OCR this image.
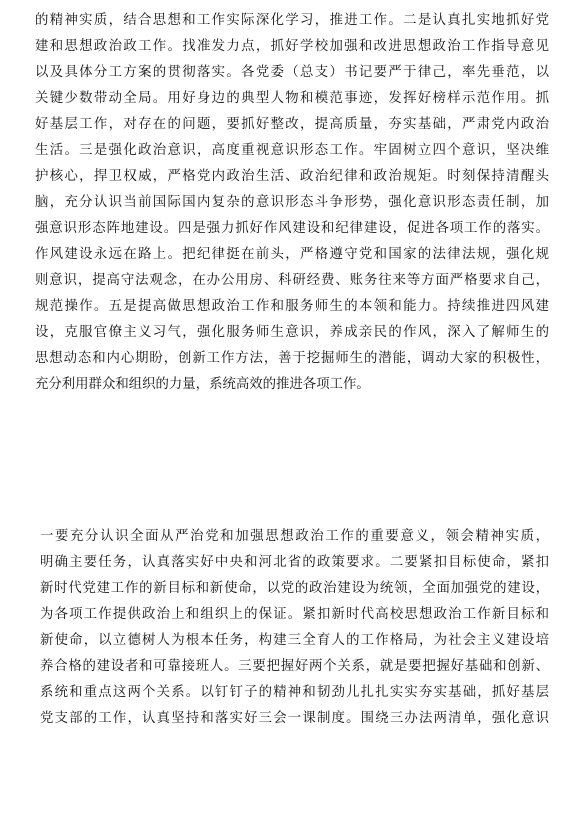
的精神实质，结合思想和工作实际深化学习，推进工作。二是认真扎实地抓好党
建和思想政治政工作。找准发力点，抓好学校加强和改进思想政治工作指导意见
以及具体分工方案的贯彻落实。各党委（总支）书记要严于律己，率先垂范，以
关键少数带动全局。用好身边的典型人物和模范事迹，发挥好榜样示范作用。抓
好基层工作，对存在的问题，要抓好整改，提高质量，夯实基础，严肃党内政治
生活。三是强化政治意识，高度重视意识形态工作。牢固树立四个意识，坚决维
护核心，捍卫权威，严格党内政治生活、政治纪律和政治规矩。时刻保持清醒头
脑，充分认识当前国际国内复杂的意识形态斗争形势，强化意识形态责任制，加
强意识形态阵地建设。四是强力抓好作风建设和纪律建设，促进各项工作的落实。
作风建设永远在路上。把纪律挺在前头，严格遵守党和国家的法律法规，强化规
则意识，提高守法观念，在办公用房、科研经费、账务往来等方面严格要求自己，
规范操作。五是提高做思想政治工作和服务师生的本领和能力。持续推进四风建
设，克服官僚主义习气，强化服务师生意识，养成亲民的作风，深入了解师生的
思想动态和内心期盼，创新工作方法，善于挖掘师生的潜能，调动大家的积极性，
充分利用群众和组织的力量，系统高效的推进各项工作。
一要充分认识全面从严治党和加强思想政治工作的重要意义，领会精神实质，
明确主要任务，认真落实好中央和河北省的政策要求。二要紧扣目标使命，紧扣
新时代党建工作的新目标和新使命，以党的政治建设为统领，全面加强党的建设，
为各项工作提供政治上和组织上的保证。紧扣新时代高校思想政治工作新目标和
新使命，以立德树人为根本任务，构建三全育人的工作格局，为社会主义建设培
养合格的建设者和可靠接班人。三要把握好两个关系，就是要把握好基础和创新、
系统和重点这两个关系。以钉钉子的精神和韧劲儿扎扎实实夯实基础，抓好基层
党支部的工作，认真坚持和落实好三会一课制度。围绕三办法两清单，强化意识
